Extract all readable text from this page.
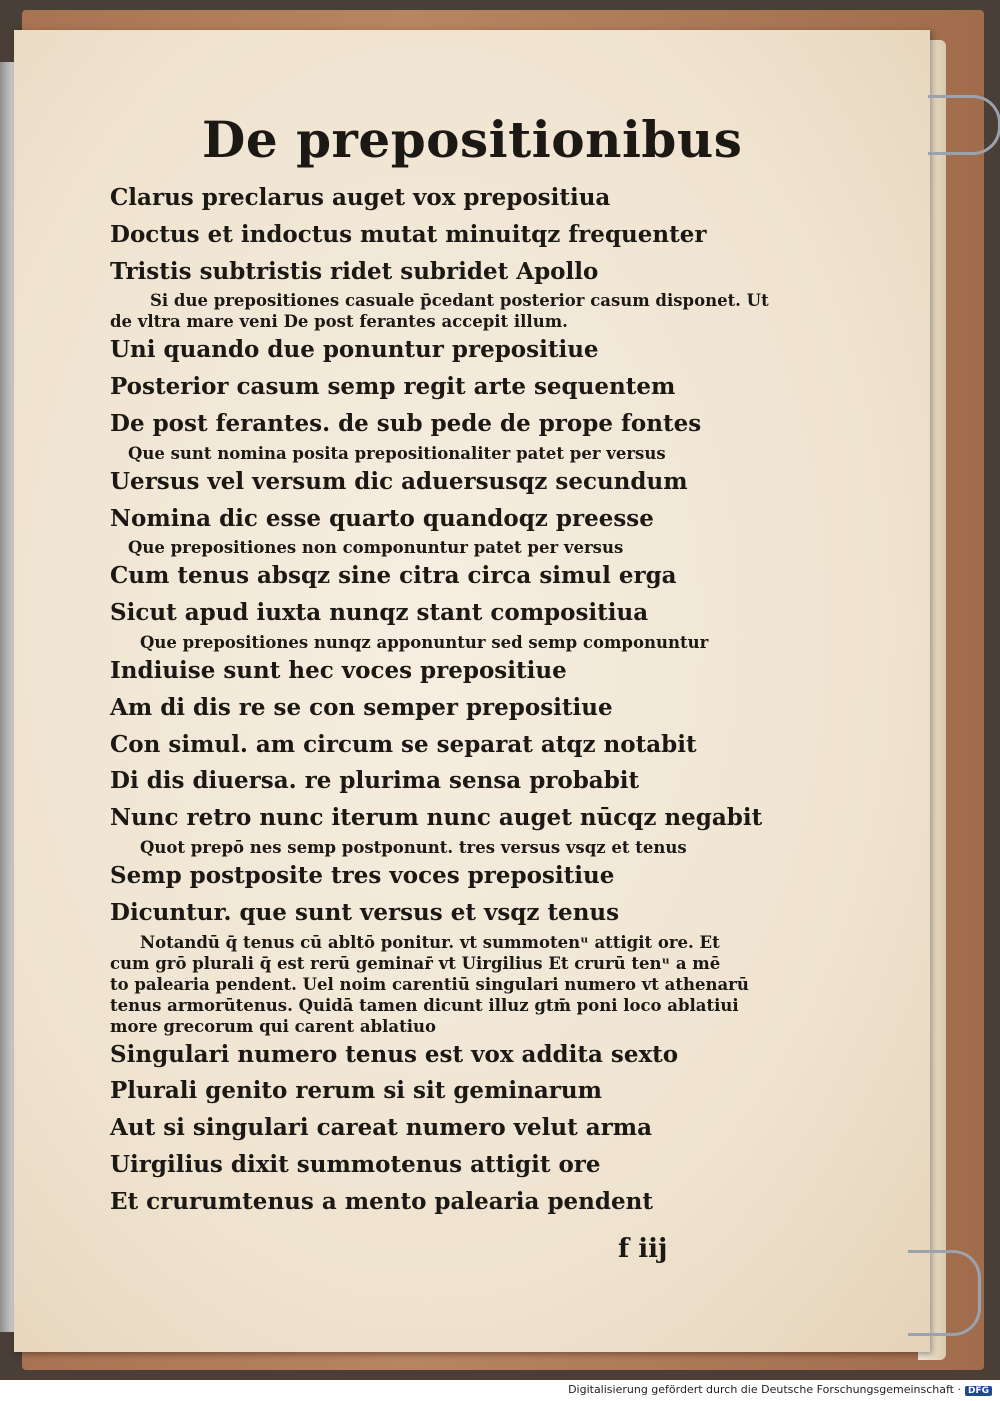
De prepositionibus
Clarus preclarus auget vox prepositiua
Doctus et indoctus mutat minuitqz frequenter
Tristis subtristis ridet subridet Apollo
Si due prepositiones casuale p̄cedant posterior casum disponet. Ut
de vltra mare veni De post ferantes accepit illum.
Uni quando due ponuntur prepositiue
Posterior casum semp regit arte sequentem
De post ferantes. de sub pede de prope fontes
Que sunt nomina posita prepositionaliter patet per versus
Uersus vel versum dic aduersusqz secundum
Nomina dic esse quarto quandoqz preesse
Que prepositiones non componuntur patet per versus
Cum tenus absqz sine citra circa simul erga
Sicut apud iuxta nunqz stant compositiua
Que prepositiones nunqz apponuntur sed semp componuntur
Indiuise sunt hec voces prepositiue
Am di dis re se con semper prepositiue
Con simul. am circum se separat atqz notabit
Di dis diuersa. re plurima sensa probabit
Nunc retro nunc iterum nunc auget nūcqz negabit
Quot prepō nes semp postponunt. tres versus vsqz et tenus
Semp postposite tres voces prepositiue
Dicuntur. que sunt versus et vsqz tenus
Notandū q̄ tenus cū abltō ponitur. vt summotenᵘ attigit ore. Et
cum grō plurali q̄ est rerū geminar̄ vt Uirgilius Et crurū tenᵘ a mē
to palearia pendent. Uel noim carentiū singulari numero vt athenarū
tenus armorūtenus. Quidā tamen dicunt illuz gtm̄ poni loco ablatiui
more grecorum qui carent ablatiuo
Singulari numero tenus est vox addita sexto
Plurali genito rerum si sit geminarum
Aut si singulari careat numero velut arma
Uirgilius dixit summotenus attigit ore
Et crurumtenus a mento palearia pendent
f iij
Digitalisierung gefördert durch die Deutsche Forschungsgemeinschaft · DFG
